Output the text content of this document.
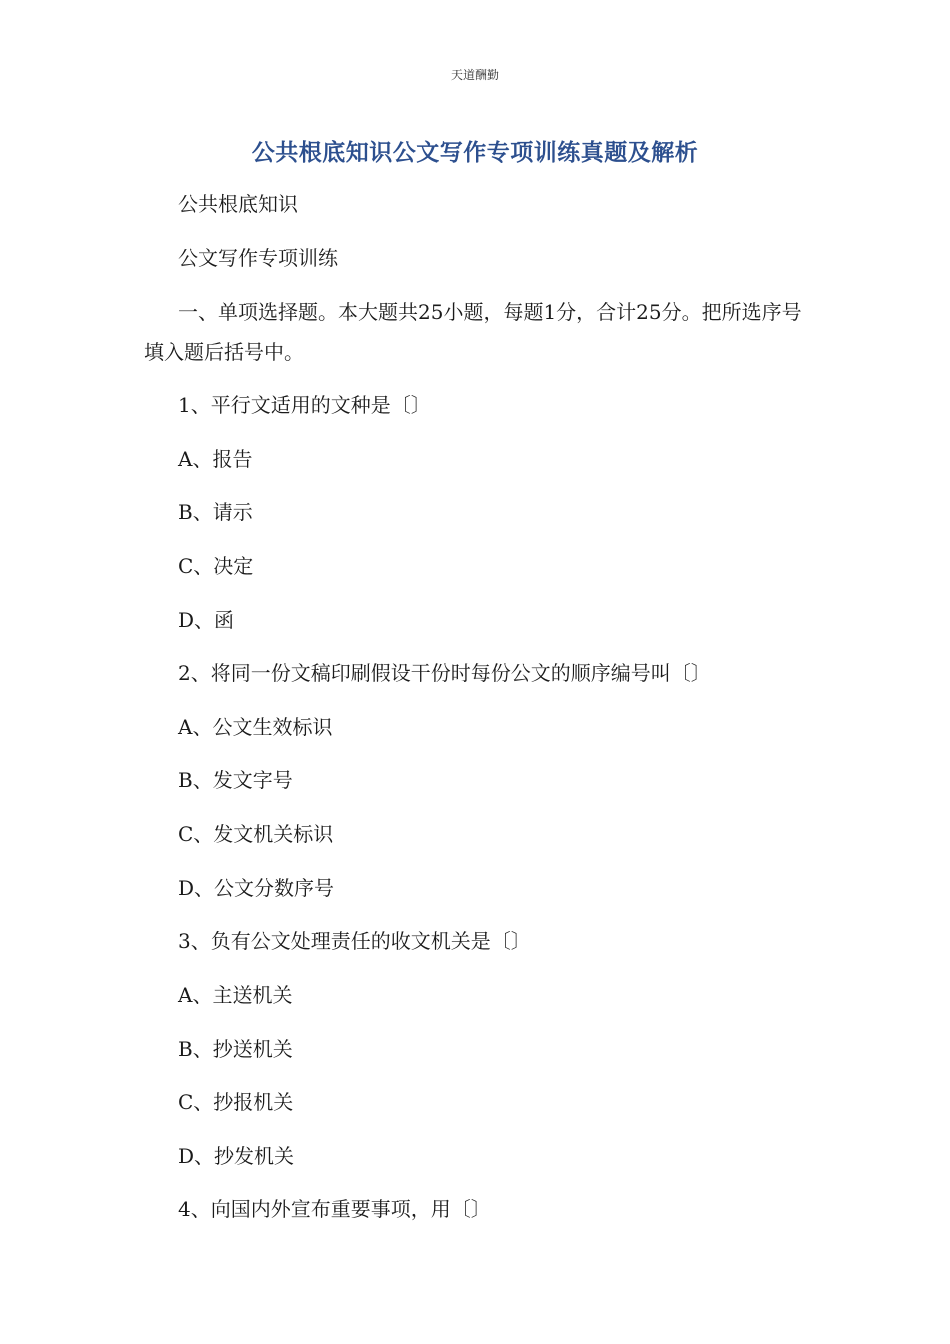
天道酬勤
公共根底知识公文写作专项训练真题及解析
公共根底知识
公文写作专项训练
一、单项选择题。本大题共25小题，每题1分，合计25分。把所选序号填入题后括号中。
1、平行文适用的文种是〔〕
A、报告
B、请示
C、决定
D、函
2、将同一份文稿印刷假设干份时每份公文的顺序编号叫〔〕
A、公文生效标识
B、发文字号
C、发文机关标识
D、公文分数序号
3、负有公文处理责任的收文机关是〔〕
A、主送机关
B、抄送机关
C、抄报机关
D、抄发机关
4、向国内外宣布重要事项，用〔〕
